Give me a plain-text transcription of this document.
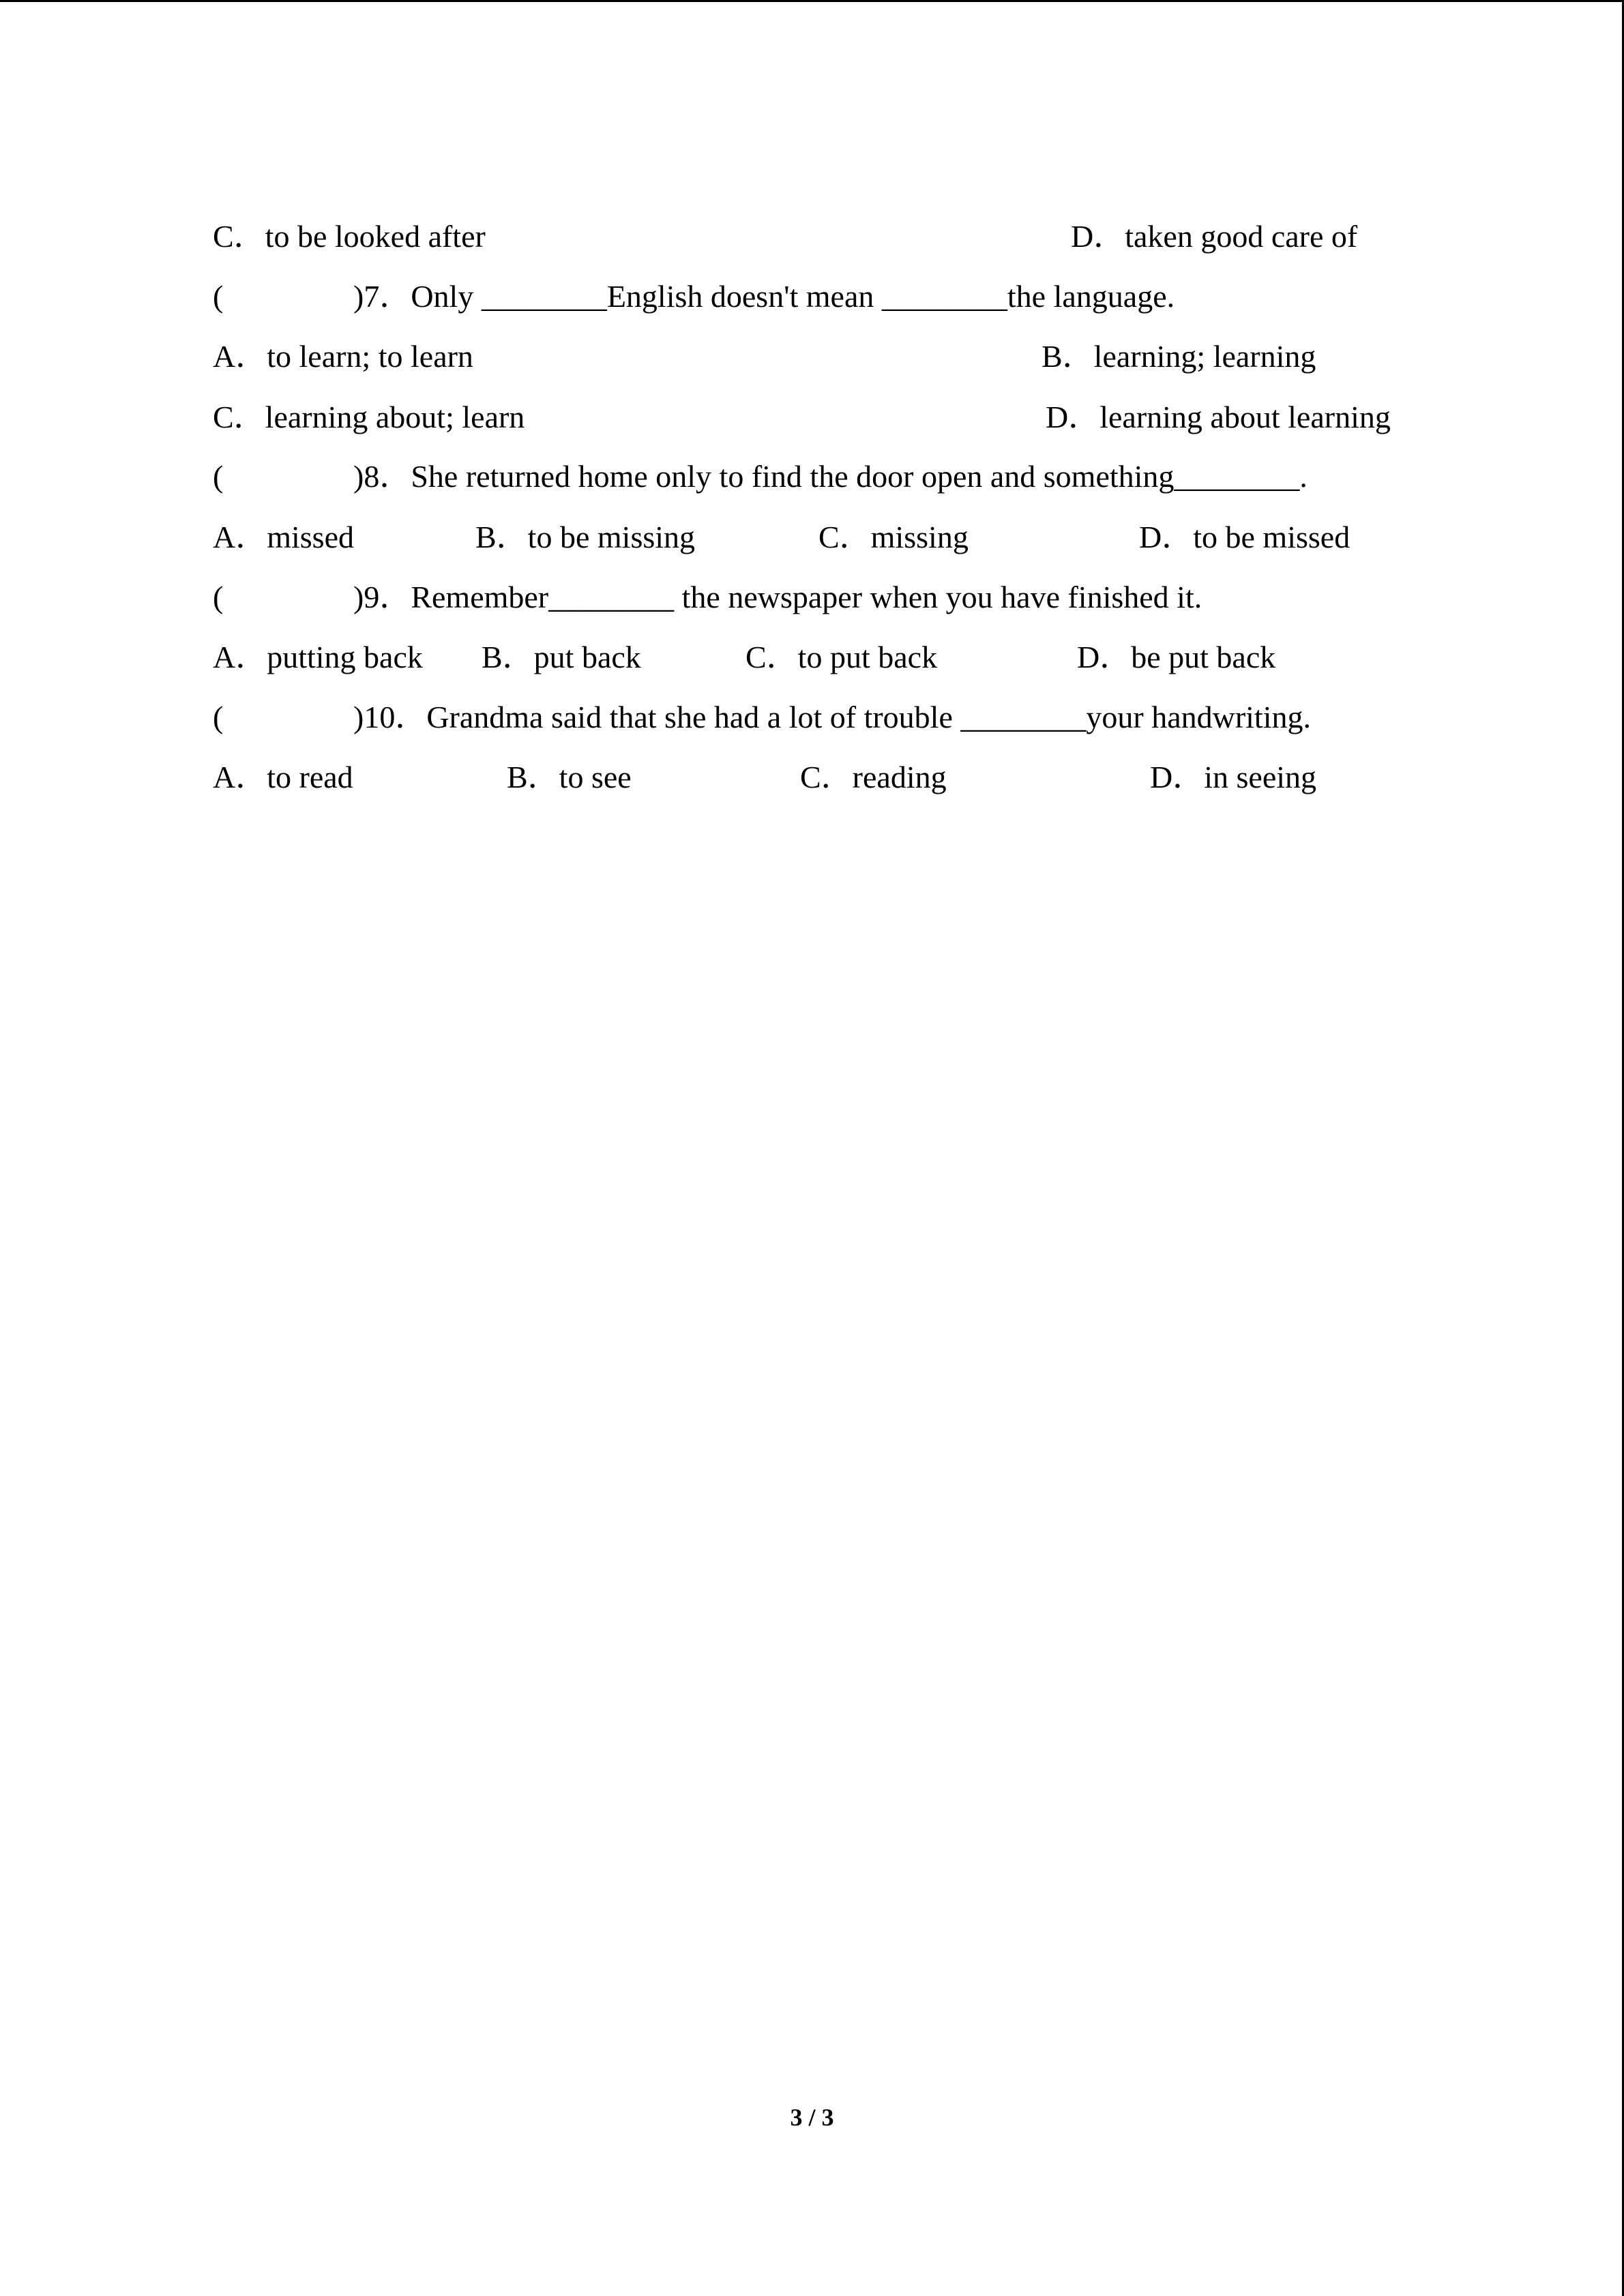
C．to be looked after	D．taken good care of
(	)7．Only ________English doesn't mean ________the language.
A．to learn; to learn	B．learning; learning
C．learning about; learn	D．learning about learning
(	)8．She returned home only to find the door open and something________.
A．missed	B．to be missing	C．missing	D．to be missed
(	)9．Remember________ the newspaper when you have finished it.
A．putting back B．put back	C．to put back	D．be put back
(	)10．Grandma said that she had a lot of trouble ________your handwriting.
A．to read	B．to see	C．reading	D．in seeing
3 / 3
